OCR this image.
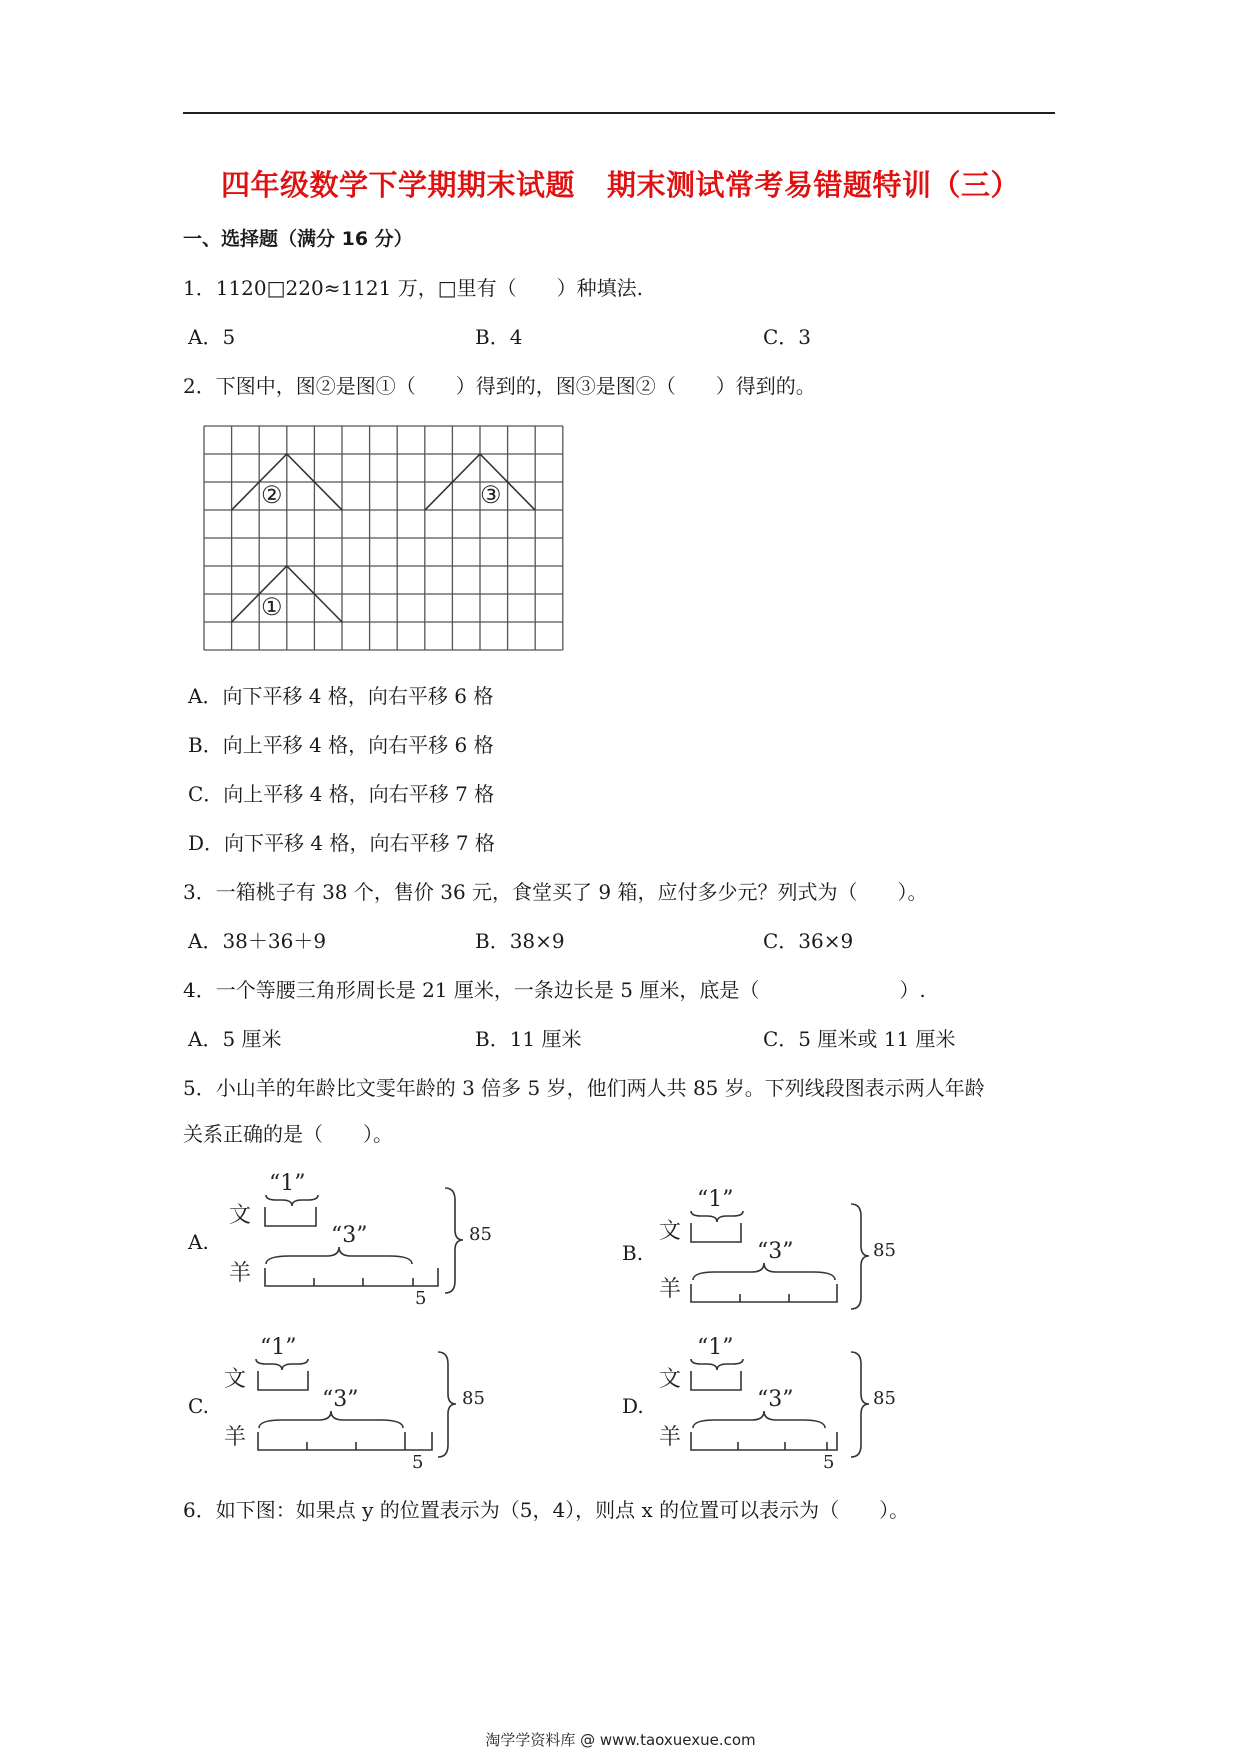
四年级数学下学期期末试题 期末测试常考易错题特训（三）
一、选择题（满分 16 分）
1．1120□220≈1121 万，□里有（　　）种填法.
A．5	B．4	C．3
2．下图中，图②是图①（　　）得到的，图③是图②（　　）得到的。
②	③
①
A．向下平移 4 格，向右平移 6 格
B．向上平移 4 格，向右平移 6 格
C．向上平移 4 格，向右平移 7 格
D．向下平移 4 格，向右平移 7 格
3．一箱桃子有 38 个，售价 36 元，食堂买了 9 箱，应付多少元？列式为（　　）。
A．38＋36＋9	B．38×9	C．36×9
4．一个等腰三角形周长是 21 厘米，一条边长是 5 厘米，底是（　　　　　　　）.
A．5 厘米	B．11 厘米	C．5 厘米或 11 厘米
5．小山羊的年龄比文雯年龄的 3 倍多 5 岁，他们两人共 85 岁。下列线段图表示两人年龄
关系正确的是（　　）。
A.
文
羊
“1”
“3”	85
5
B.
文
羊
“1”
“3”	85
C.
文
羊
“1”
“3”	85
5
D.
文
羊
“1”
“3”	85
5
6．如下图：如果点 y 的位置表示为（5，4），则点 x 的位置可以表示为（　　）。
淘学学资料库 @ www.taoxuexue.com
